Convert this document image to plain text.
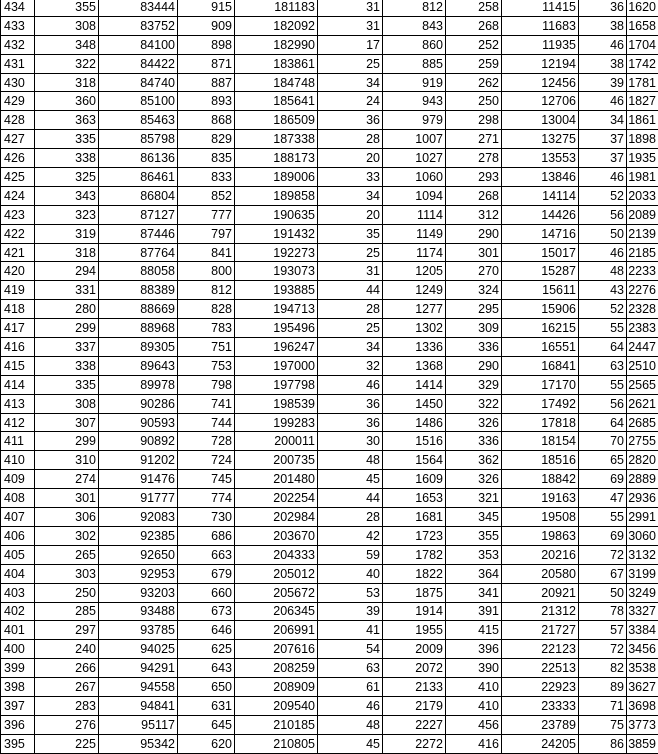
434	355	83444	915	181183	31	812	258	11415	36	1620
433	308	83752	909	182092	31	843	268	11683	38	1658
432	348	84100	898	182990	17	860	252	11935	46	1704
431	322	84422	871	183861	25	885	259	12194	38	1742
430	318	84740	887	184748	34	919	262	12456	39	1781
429	360	85100	893	185641	24	943	250	12706	46	1827
428	363	85463	868	186509	36	979	298	13004	34	1861
427	335	85798	829	187338	28	1007	271	13275	37	1898
426	338	86136	835	188173	20	1027	278	13553	37	1935
425	325	86461	833	189006	33	1060	293	13846	46	1981
424	343	86804	852	189858	34	1094	268	14114	52	2033
423	323	87127	777	190635	20	1114	312	14426	56	2089
422	319	87446	797	191432	35	1149	290	14716	50	2139
421	318	87764	841	192273	25	1174	301	15017	46	2185
420	294	88058	800	193073	31	1205	270	15287	48	2233
419	331	88389	812	193885	44	1249	324	15611	43	2276
418	280	88669	828	194713	28	1277	295	15906	52	2328
417	299	88968	783	195496	25	1302	309	16215	55	2383
416	337	89305	751	196247	34	1336	336	16551	64	2447
415	338	89643	753	197000	32	1368	290	16841	63	2510
414	335	89978	798	197798	46	1414	329	17170	55	2565
413	308	90286	741	198539	36	1450	322	17492	56	2621
412	307	90593	744	199283	36	1486	326	17818	64	2685
411	299	90892	728	200011	30	1516	336	18154	70	2755
410	310	91202	724	200735	48	1564	362	18516	65	2820
409	274	91476	745	201480	45	1609	326	18842	69	2889
408	301	91777	774	202254	44	1653	321	19163	47	2936
407	306	92083	730	202984	28	1681	345	19508	55	2991
406	302	92385	686	203670	42	1723	355	19863	69	3060
405	265	92650	663	204333	59	1782	353	20216	72	3132
404	303	92953	679	205012	40	1822	364	20580	67	3199
403	250	93203	660	205672	53	1875	341	20921	50	3249
402	285	93488	673	206345	39	1914	391	21312	78	3327
401	297	93785	646	206991	41	1955	415	21727	57	3384
400	240	94025	625	207616	54	2009	396	22123	72	3456
399	266	94291	643	208259	63	2072	390	22513	82	3538
398	267	94558	650	208909	61	2133	410	22923	89	3627
397	283	94841	631	209540	46	2179	410	23333	71	3698
396	276	95117	645	210185	48	2227	456	23789	75	3773
395	225	95342	620	210805	45	2272	416	24205	86	3859
